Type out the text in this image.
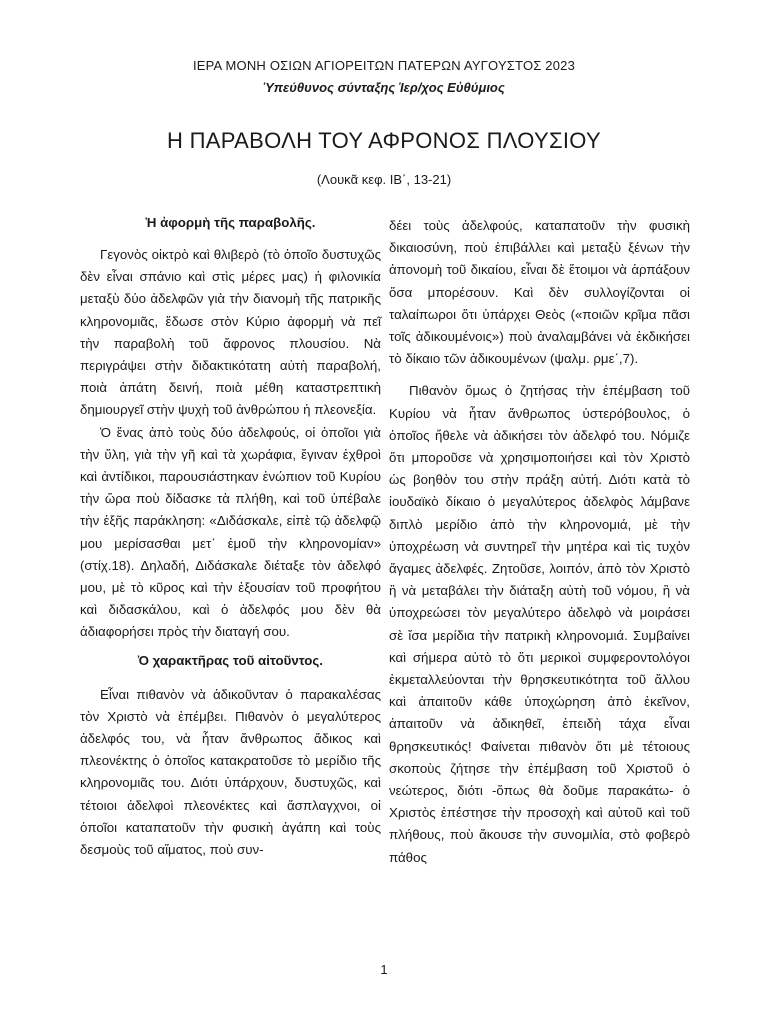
ΙΕΡΑ ΜΟΝΗ ΟΣΙΩΝ ΑΓΙΟΡΕΙΤΩΝ ΠΑΤΕΡΩΝ ΑΥΓΟΥΣΤΟΣ 2023
Ὑπεύθυνος σύνταξης Ἱερ/χος Εὐθύμιος
Η ΠΑΡΑΒΟΛΗ ΤΟΥ ΑΦΡΟΝΟΣ ΠΛΟΥΣΙΟΥ
(Λουκᾶ κεφ. ΙΒ΄, 13-21)
Ἡ ἀφορμὴ τῆς παραβολῆς.

Γεγονὸς οἰκτρὸ καὶ θλιβερὸ (τὸ ὁποῖο δυστυχῶς δὲν εἶναι σπάνιο καὶ στὶς μέρες μας) ἡ φιλονικία μεταξὺ δύο ἀδελφῶν γιὰ τὴν διανομὴ τῆς πατρικῆς κληρονομιᾶς, ἔδωσε στὸν Κύριο ἀφορμὴ νὰ πεῖ τὴν παραβολὴ τοῦ ἄφρονος πλουσίου. Νὰ περιγράψει στὴν διδακτικότατη αὐτὴ παραβολή, ποιὰ ἀπάτη δεινή, ποιὰ μέθη καταστρεπτικὴ δημιουργεῖ στὴν ψυχὴ τοῦ ἀνθρώπου ἡ πλεονεξία.

Ὁ ἕνας ἀπὸ τοὺς δύο ἀδελφούς, οἱ ὁποῖοι γιὰ τὴν ὕλη, γιὰ τὴν γῆ καὶ τὰ χωράφια, ἔγιναν ἐχθροὶ καὶ ἀντίδικοι, παρουσιάστηκαν ἐνώπιον τοῦ Κυρίου τὴν ὥρα ποὺ δίδασκε τὰ πλήθη, καὶ τοῦ ὑπέβαλε τὴν ἑξῆς παράκληση: «Διδάσκαλε, εἰπὲ τῷ ἀδελφῷ μου μερίσασθαι μετ᾿ ἐμοῦ τὴν κληρονομίαν» (στίχ.18). Δηλαδή, Διδάσκαλε διέταξε τὸν ἀδελφό μου, μὲ τὸ κῦρος καὶ τὴν ἐξουσίαν τοῦ προφήτου καὶ διδασκάλου, καὶ ὁ ἀδελφός μου δὲν θὰ ἀδιαφορήσει πρὸς τὴν διαταγή σου.

Ὁ χαρακτῆρας τοῦ αἰτοῦντος.

Εἶναι πιθανὸν νὰ ἀδικοῦνταν ὁ παρακαλέσας τὸν Χριστὸ νὰ ἐπέμβει. Πιθανὸν ὁ μεγαλύτερος ἀδελφός του, νὰ ἦταν ἄνθρωπος ἄδικος καὶ πλεονέκτης ὁ ὁποῖος κατακρατοῦσε τὸ μερίδιο τῆς κληρονομιᾶς του. Διότι ὑπάρχουν, δυστυχῶς, καὶ τέτοιοι ἀδελφοὶ πλεονέκτες καὶ ἄσπλαγχνοι, οἱ ὁποῖοι καταπατοῦν τὴν φυσικὴ ἀγάπη καὶ τοὺς δεσμοὺς τοῦ αἵματος, ποὺ συν-

δέει τοὺς ἀδελφούς, καταπατοῦν τὴν φυσικὴ δικαιοσύνη, ποὺ ἐπιβάλλει καὶ μεταξὺ ξένων τὴν ἀπονομὴ τοῦ δικαίου, εἶναι δὲ ἕτοιμοι νὰ ἁρπάξουν ὅσα μπορέσουν. Καὶ δὲν συλλογίζονται οἱ ταλαίπωροι ὅτι ὑπάρχει Θεὸς («ποιῶν κρῖμα πᾶσι τοῖς ἀδικουμένοις») ποὺ ἀναλαμβάνει νὰ ἐκδικήσει τὸ δίκαιο τῶν ἀδικουμένων (ψαλμ. ρμε΄,7).

Πιθανὸν ὅμως ὁ ζητήσας τὴν ἐπέμβαση τοῦ Κυρίου νὰ ἦταν ἄνθρωπος ὑστερόβουλος, ὁ ὁποῖος ἤθελε νὰ ἀδικήσει τὸν ἀδελφό του. Νόμιζε ὅτι μποροῦσε νὰ χρησιμοποιήσει καὶ τὸν Χριστὸ ὡς βοηθὸν του στὴν πράξη αὐτή. Διότι κατὰ τὸ ἰουδαϊκὸ δίκαιο ὁ μεγαλύτερος ἀδελφὸς λάμβανε διπλὸ μερίδιο ἀπὸ τὴν κληρονομιά, μὲ τὴν ὑποχρέωση νὰ συντηρεῖ τὴν μητέρα καὶ τὶς τυχὸν ἄγαμες ἀδελφές. Ζητοῦσε, λοιπόν, ἀπὸ τὸν Χριστὸ ἢ νὰ μεταβάλει τὴν διάταξη αὐτὴ τοῦ νόμου, ἢ νὰ ὑποχρεώσει τὸν μεγαλύτερο ἀδελφὸ νὰ μοιράσει σὲ ἴσα μερίδια τὴν πατρικὴ κληρονομιά. Συμβαίνει καὶ σήμερα αὐτὸ τὸ ὅτι μερικοὶ συμφεροντολόγοι ἐκμεταλλεύονται τὴν θρησκευτικότητα τοῦ ἄλλου καὶ ἀπαιτοῦν κάθε ὑποχώρηση ἀπὸ ἐκεῖνον, ἀπαιτοῦν νὰ ἀδικηθεῖ, ἐπειδὴ τάχα εἶναι θρησκευτικός! Φαίνεται πιθανὸν ὅτι μὲ τέτοιους σκοποὺς ζήτησε τὴν ἐπέμβαση τοῦ Χριστοῦ ὁ νεώτερος, διότι -ὅπως θὰ δοῦμε παρακάτω- ὁ Χριστὸς ἐπέστησε τὴν προσοχὴ καὶ αὐτοῦ καὶ τοῦ πλήθους, ποὺ ἄκουσε τὴν συνομιλία, στὸ φοβερὸ πάθος

1
